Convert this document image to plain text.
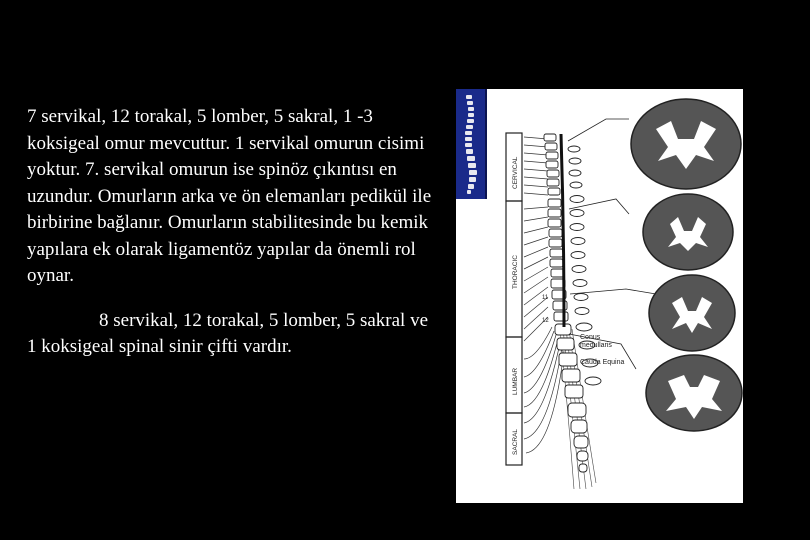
7 servikal, 12 torakal, 5 lomber, 5 sakral, 1 -3 koksigeal omur mevcuttur. 1 servikal omurun cisimi yoktur. 7. servikal omurun ise spinöz çıkıntısı en uzundur. Omurların arka ve ön elemanları pedikül ile birbirine bağlanır. Omurların stabilitesinde bu kemik yapılara ek olarak ligamentöz yapılar da önemli rol oynar.

8 servikal, 12 torakal, 5 lomber, 5 sakral ve 1 koksigeal spinal sinir çifti vardır.

CERVICAL
THORACIC
LUMBAR
SACRAL
11
12
Conus
medullaris
Cauda Equina
